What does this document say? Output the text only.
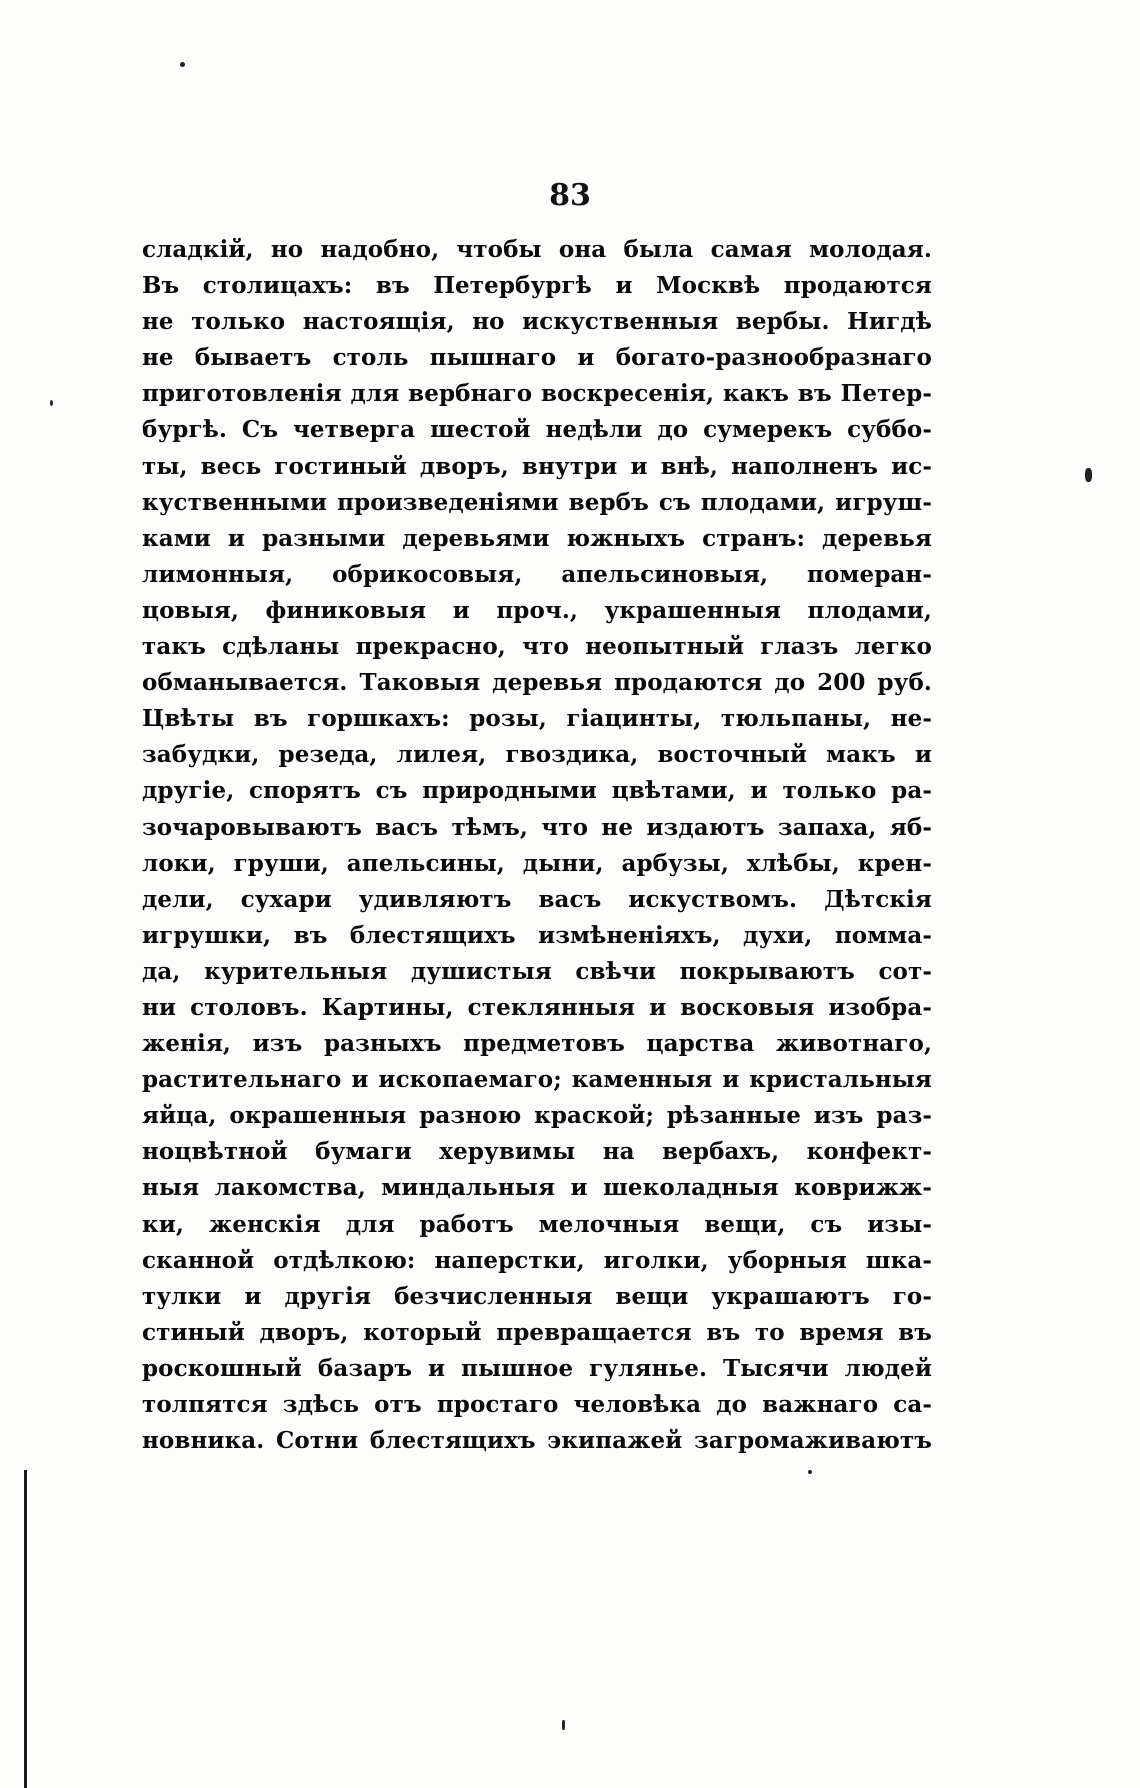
83
сладкій, но надобно, чтобы она была самая молодая.
Въ столицахъ: въ Петербургѣ и Москвѣ продаются
не только настоящія, но искуственныя вербы. Нигдѣ
не бываетъ столь пышнаго и богато-разнообразнаго
приготовленія для вербнаго воскресенія, какъ въ Петер-
бургѣ. Съ четверга шестой недѣли до сумерекъ суббо-
ты, весь гостиный дворъ, внутри и внѣ, наполненъ ис-
куственными произведеніями вербъ съ плодами, игруш-
ками и разными деревьями южныхъ странъ: деревья
лимонныя, обрикосовыя, апельсиновыя, померан-
цовыя, финиковыя и проч., украшенныя плодами,
такъ сдѣланы прекрасно, что неопытный глазъ легко
обманывается. Таковыя деревья продаются до 200 руб.
Цвѣты въ горшкахъ: розы, гіацинты, тюльпаны, не-
забудки, резеда, лилея, гвоздика, восточный макъ и
другіе, спорятъ съ природными цвѣтами, и только ра-
зочаровываютъ васъ тѣмъ, что не издаютъ запаха, яб-
локи, груши, апельсины, дыни, арбузы, хлѣбы, крен-
дели, сухари удивляютъ васъ искуствомъ. Дѣтскія
игрушки, въ блестящихъ измѣненіяхъ, духи, помма-
да, курительныя душистыя свѣчи покрываютъ сот-
ни столовъ. Картины, стеклянныя и восковыя изобра-
женія, изъ разныхъ предметовъ царства животнаго,
растительнаго и ископаемаго; каменныя и кристальныя
яйца, окрашенныя разною краской; рѣзанные изъ раз-
ноцвѣтной бумаги херувимы на вербахъ, конфект-
ныя лакомства, миндальныя и шеколадныя коврижж-
ки, женскія для работъ мелочныя вещи, съ изы-
сканной отдѣлкою: наперстки, иголки, уборныя шка-
тулки и другія безчисленныя вещи украшаютъ го-
стиный дворъ, который превращается въ то время въ
роскошный базаръ и пышное гулянье. Тысячи людей
толпятся здѣсь отъ простаго человѣка до важнаго са-
новника. Сотни блестящихъ экипажей загромаживаютъ
